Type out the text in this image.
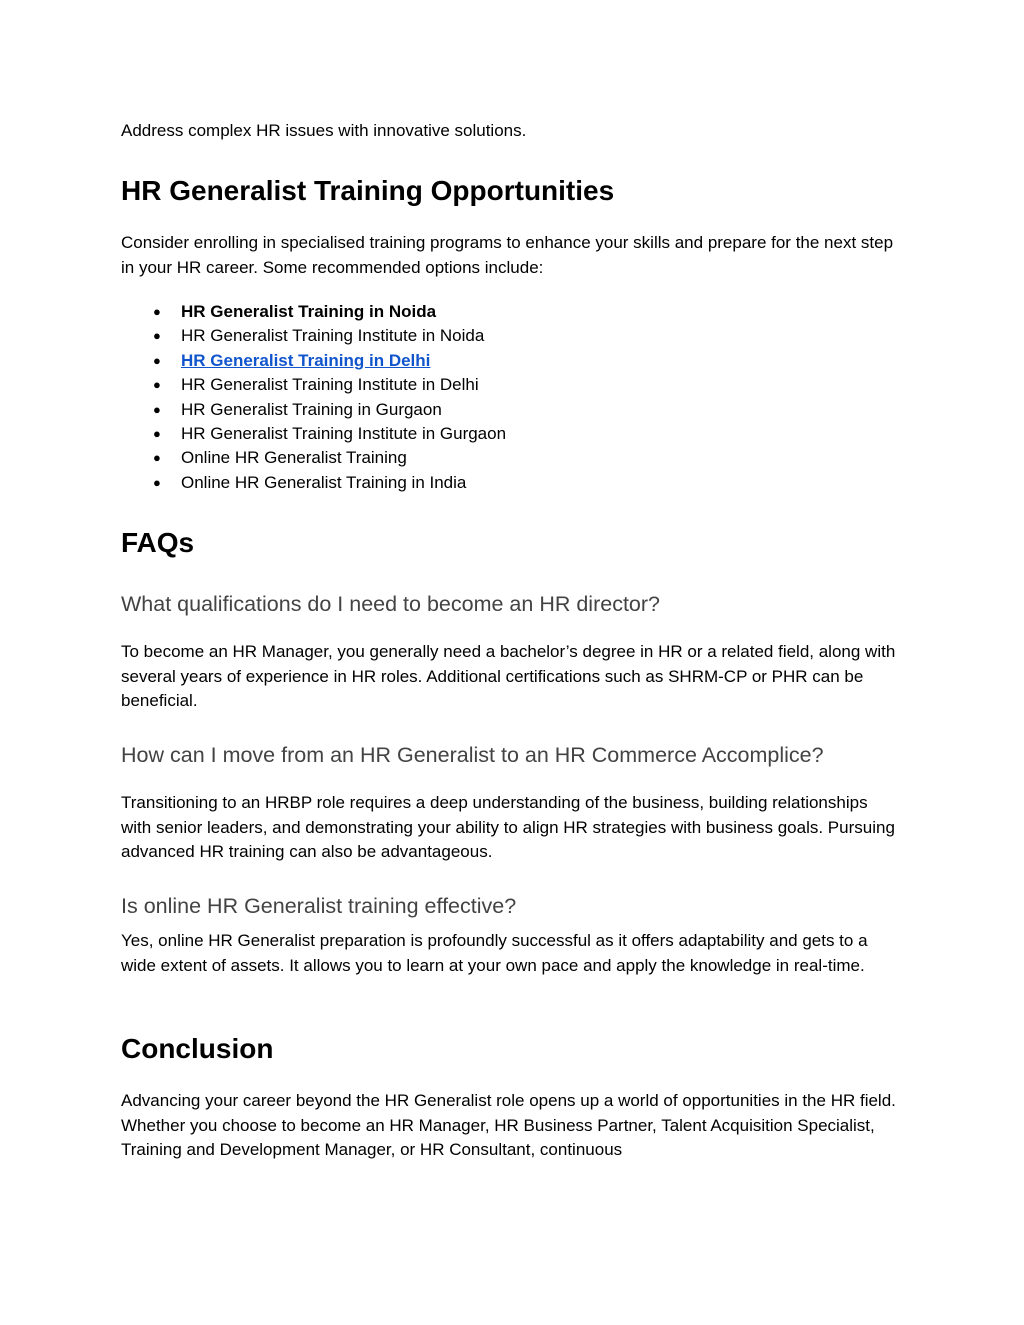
Address complex HR issues with innovative solutions.

HR Generalist Training Opportunities

Consider enrolling in specialised training programs to enhance your skills and prepare for the next step in your HR career. Some recommended options include:

● HR Generalist Training in Noida
● HR Generalist Training Institute in Noida
● HR Generalist Training in Delhi
● HR Generalist Training Institute in Delhi
● HR Generalist Training in Gurgaon
● HR Generalist Training Institute in Gurgaon
● Online HR Generalist Training
● Online HR Generalist Training in India
FAQs
What qualifications do I need to become an HR director?

To become an HR Manager, you generally need a bachelor’s degree in HR or a related field, along with several years of experience in HR roles. Additional certifications such as SHRM-CP or PHR can be beneficial.

How can I move from an HR Generalist to an HR Commerce Accomplice?

Transitioning to an HRBP role requires a deep understanding of the business, building relationships with senior leaders, and demonstrating your ability to align HR strategies with business goals. Pursuing advanced HR training can also be advantageous.

Is online HR Generalist training effective?

Yes, online HR Generalist preparation is profoundly successful as it offers adaptability and gets to a wide extent of assets. It allows you to learn at your own pace and apply the knowledge in real-time.

Conclusion

Advancing your career beyond the HR Generalist role opens up a world of opportunities in the HR field. Whether you choose to become an HR Manager, HR Business Partner, Talent Acquisition Specialist, Training and Development Manager, or HR Consultant, continuous
